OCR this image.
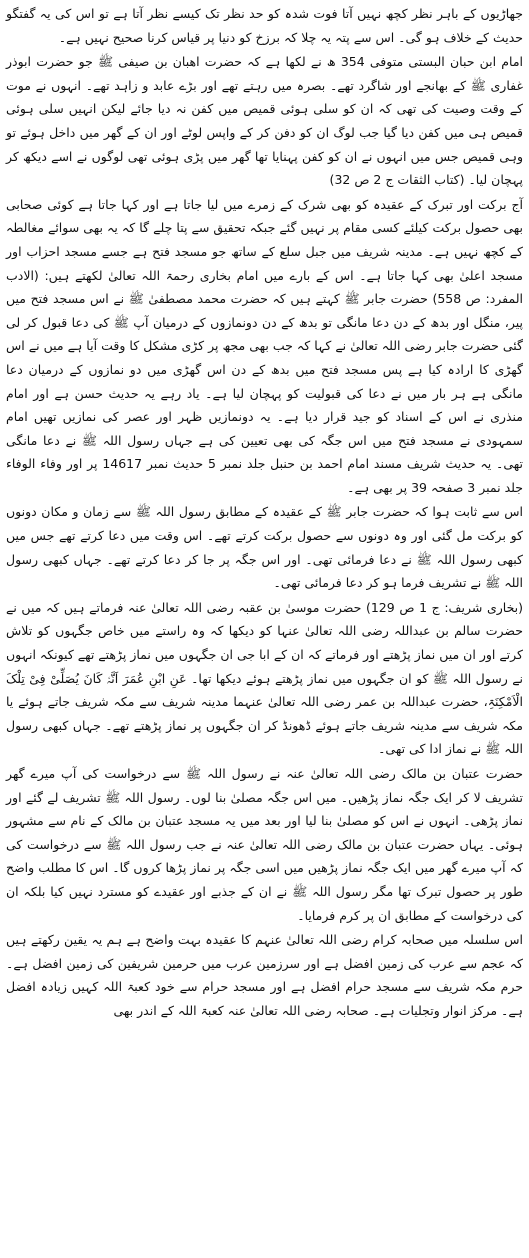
جھاڑیوں کے باہر نظر کچھ نہیں آتا فوت شدہ کو حد نظر تک کیسے نظر آتا ہے تو اس کی یہ گفتگو حدیث کے خلاف ہو گی۔ اس سے پتہ یہ چلا کہ برزخ کو دنیا پر قیاس کرنا صحیح نہیں ہے۔

امام ابن حبان البستی متوفی 354 ھ نے لکھا ہے کہ حضرت اھبان بن صیفی ﷺ جو حضرت ابوذر غفاری ﷺ کے بھانجے اور شاگرد تھے۔ بصرہ میں رہتے تھے اور بڑے عابد و زاہد تھے۔ انہوں نے موت کے وقت وصیت کی تھی کہ ان کو سلی ہوئی قمیص میں کفن نہ دیا جائے لیکن انہیں سلی ہوئی قمیص ہی میں کفن دیا گیا جب لوگ ان کو دفن کر کے واپس لوٹے اور ان کے گھر میں داخل ہوئے تو وہی قمیص جس میں انہوں نے ان کو کفن پہنایا تھا گھر میں پڑی ہوئی تھی لوگوں نے اسے دیکھ کر پہچان لیا۔ (کتاب الثقات ج 2 ص 32)

آج برکت اور تبرک کے عقیدہ کو بھی شرک کے زمرے میں لیا جاتا ہے اور کہا جاتا ہے کوئی صحابی بھی حصول برکت کیلئے کسی مقام پر نہیں گئے جبکہ تحقیق سے پتا چلے گا کہ یہ بھی سوائے مغالطہ کے کچھ نہیں ہے۔ مدینہ شریف میں جبل سلع کے ساتھ جو مسجد فتح ہے جسے مسجد احزاب اور مسجد اعلیٰ بھی کہا جاتا ہے۔ اس کے بارے میں امام بخاری رحمۃ اللہ تعالیٰ لکھتے ہیں: (الادب المفرد: ص 558) حضرت جابر ﷺ کہتے ہیں کہ حضرت محمد مصطفیٰ ﷺ نے اس مسجد فتح میں پیر، منگل اور بدھ کے دن دعا مانگی تو بدھ کے دن دونمازوں کے درمیان آپ ﷺ کی دعا قبول کر لی گئی حضرت جابر رضی اللہ تعالیٰ نے کہا کہ جب بھی مجھ پر کڑی مشکل کا وقت آیا ہے میں نے اس گھڑی کا ارادہ کیا ہے پس مسجد فتح میں بدھ کے دن اس گھڑی میں دو نمازوں کے درمیان دعا مانگی ہے ہر بار میں نے دعا کی قبولیت کو پہچان لیا ہے۔ یاد رہے یہ حدیث حسن ہے اور امام منذری نے اس کے اسناد کو جید قرار دیا ہے۔ یہ دونمازیں ظہر اور عصر کی نمازیں تھیں امام سمہودی نے مسجد فتح میں اس جگہ کی بھی تعیین کی ہے جہاں رسول اللہ ﷺ نے دعا مانگی تھی۔ یہ حدیث شریف مسند امام احمد بن حنبل جلد نمبر 5 حدیث نمبر 14617 پر اور وفاء الوفاء جلد نمبر 3 صفحہ 39 پر بھی ہے۔

اس سے ثابت ہوا کہ حضرت جابر ﷺ کے عقیدہ کے مطابق رسول اللہ ﷺ سے زمان و مکان دونوں کو برکت مل گئی اور وہ دونوں سے حصول برکت کرتے تھے۔ اس وقت میں دعا کرتے تھے جس میں کبھی رسول اللہ ﷺ نے دعا فرمائی تھی۔ اور اس جگہ پر جا کر دعا کرتے تھے۔ جہاں کبھی رسول اللہ ﷺ نے تشریف فرما ہو کر دعا فرمائی تھی۔

(بخاری شریف: ج 1 ص 129) حضرت موسیٰ بن عقبہ رضی اللہ تعالیٰ عنہ فرماتے ہیں کہ میں نے حضرت سالم بن عبداللہ رضی اللہ تعالیٰ عنہا کو دیکھا کہ وہ راستے میں خاص جگہوں کو تلاش کرتے اور ان میں نماز پڑھتے اور فرماتے کہ ان کے ابا جی ان جگہوں میں نماز پڑھتے تھے کیونکہ انہوں نے رسول اللہ ﷺ کو ان جگہوں میں نماز پڑھتے ہوئے دیکھا تھا۔ عَنِ ابْنِ عُمَرَ اَنَّہٗ کَانَ یُصَلِّیْ فِیْ تِلْکَ الْاَمْکِنَۃِ، حضرت عبداللہ بن عمر رضی اللہ تعالیٰ عنہما مدینہ شریف سے مکہ شریف جاتے ہوئے یا مکہ شریف سے مدینہ شریف جاتے ہوئے ڈھونڈ کر ان جگہوں پر نماز پڑھتے تھے۔ جہاں کبھی رسول اللہ ﷺ نے نماز ادا کی تھی۔

حضرت عتبان بن مالک رضی اللہ تعالیٰ عنہ نے رسول اللہ ﷺ سے درخواست کی آپ میرے گھر تشریف لا کر ایک جگہ نماز پڑھیں۔ میں اس جگہ مصلیٰ بنا لوں۔ رسول اللہ ﷺ تشریف لے گئے اور نماز پڑھی۔ انہوں نے اس کو مصلیٰ بنا لیا اور بعد میں یہ مسجد عتبان بن مالک کے نام سے مشہور ہوئی۔ یہاں حضرت عتبان بن مالک رضی اللہ تعالیٰ عنہ نے جب رسول اللہ ﷺ سے درخواست کی کہ آپ میرے گھر میں ایک جگہ نماز پڑھیں میں اسی جگہ پر نماز پڑھا کروں گا۔ اس کا مطلب واضح طور پر حصول تبرک تھا مگر رسول اللہ ﷺ نے ان کے جذبے اور عقیدے کو مسترد نہیں کیا بلکہ ان کی درخواست کے مطابق ان پر کرم فرمایا۔

اس سلسلہ میں صحابہ کرام رضی اللہ تعالیٰ عنہم کا عقیدہ بہت واضح ہے ہم یہ یقین رکھتے ہیں کہ عجم سے عرب کی زمین افضل ہے اور سرزمین عرب میں حرمین شریفین کی زمین افضل ہے۔ حرم مکہ شریف سے مسجد حرام افضل ہے اور مسجد حرام سے خود کعبۃ اللہ کہیں زیادہ افضل ہے۔ مرکز انوار وتجلیات ہے۔ صحابہ رضی اللہ تعالیٰ عنہ کعبۃ اللہ کے اندر بھی
